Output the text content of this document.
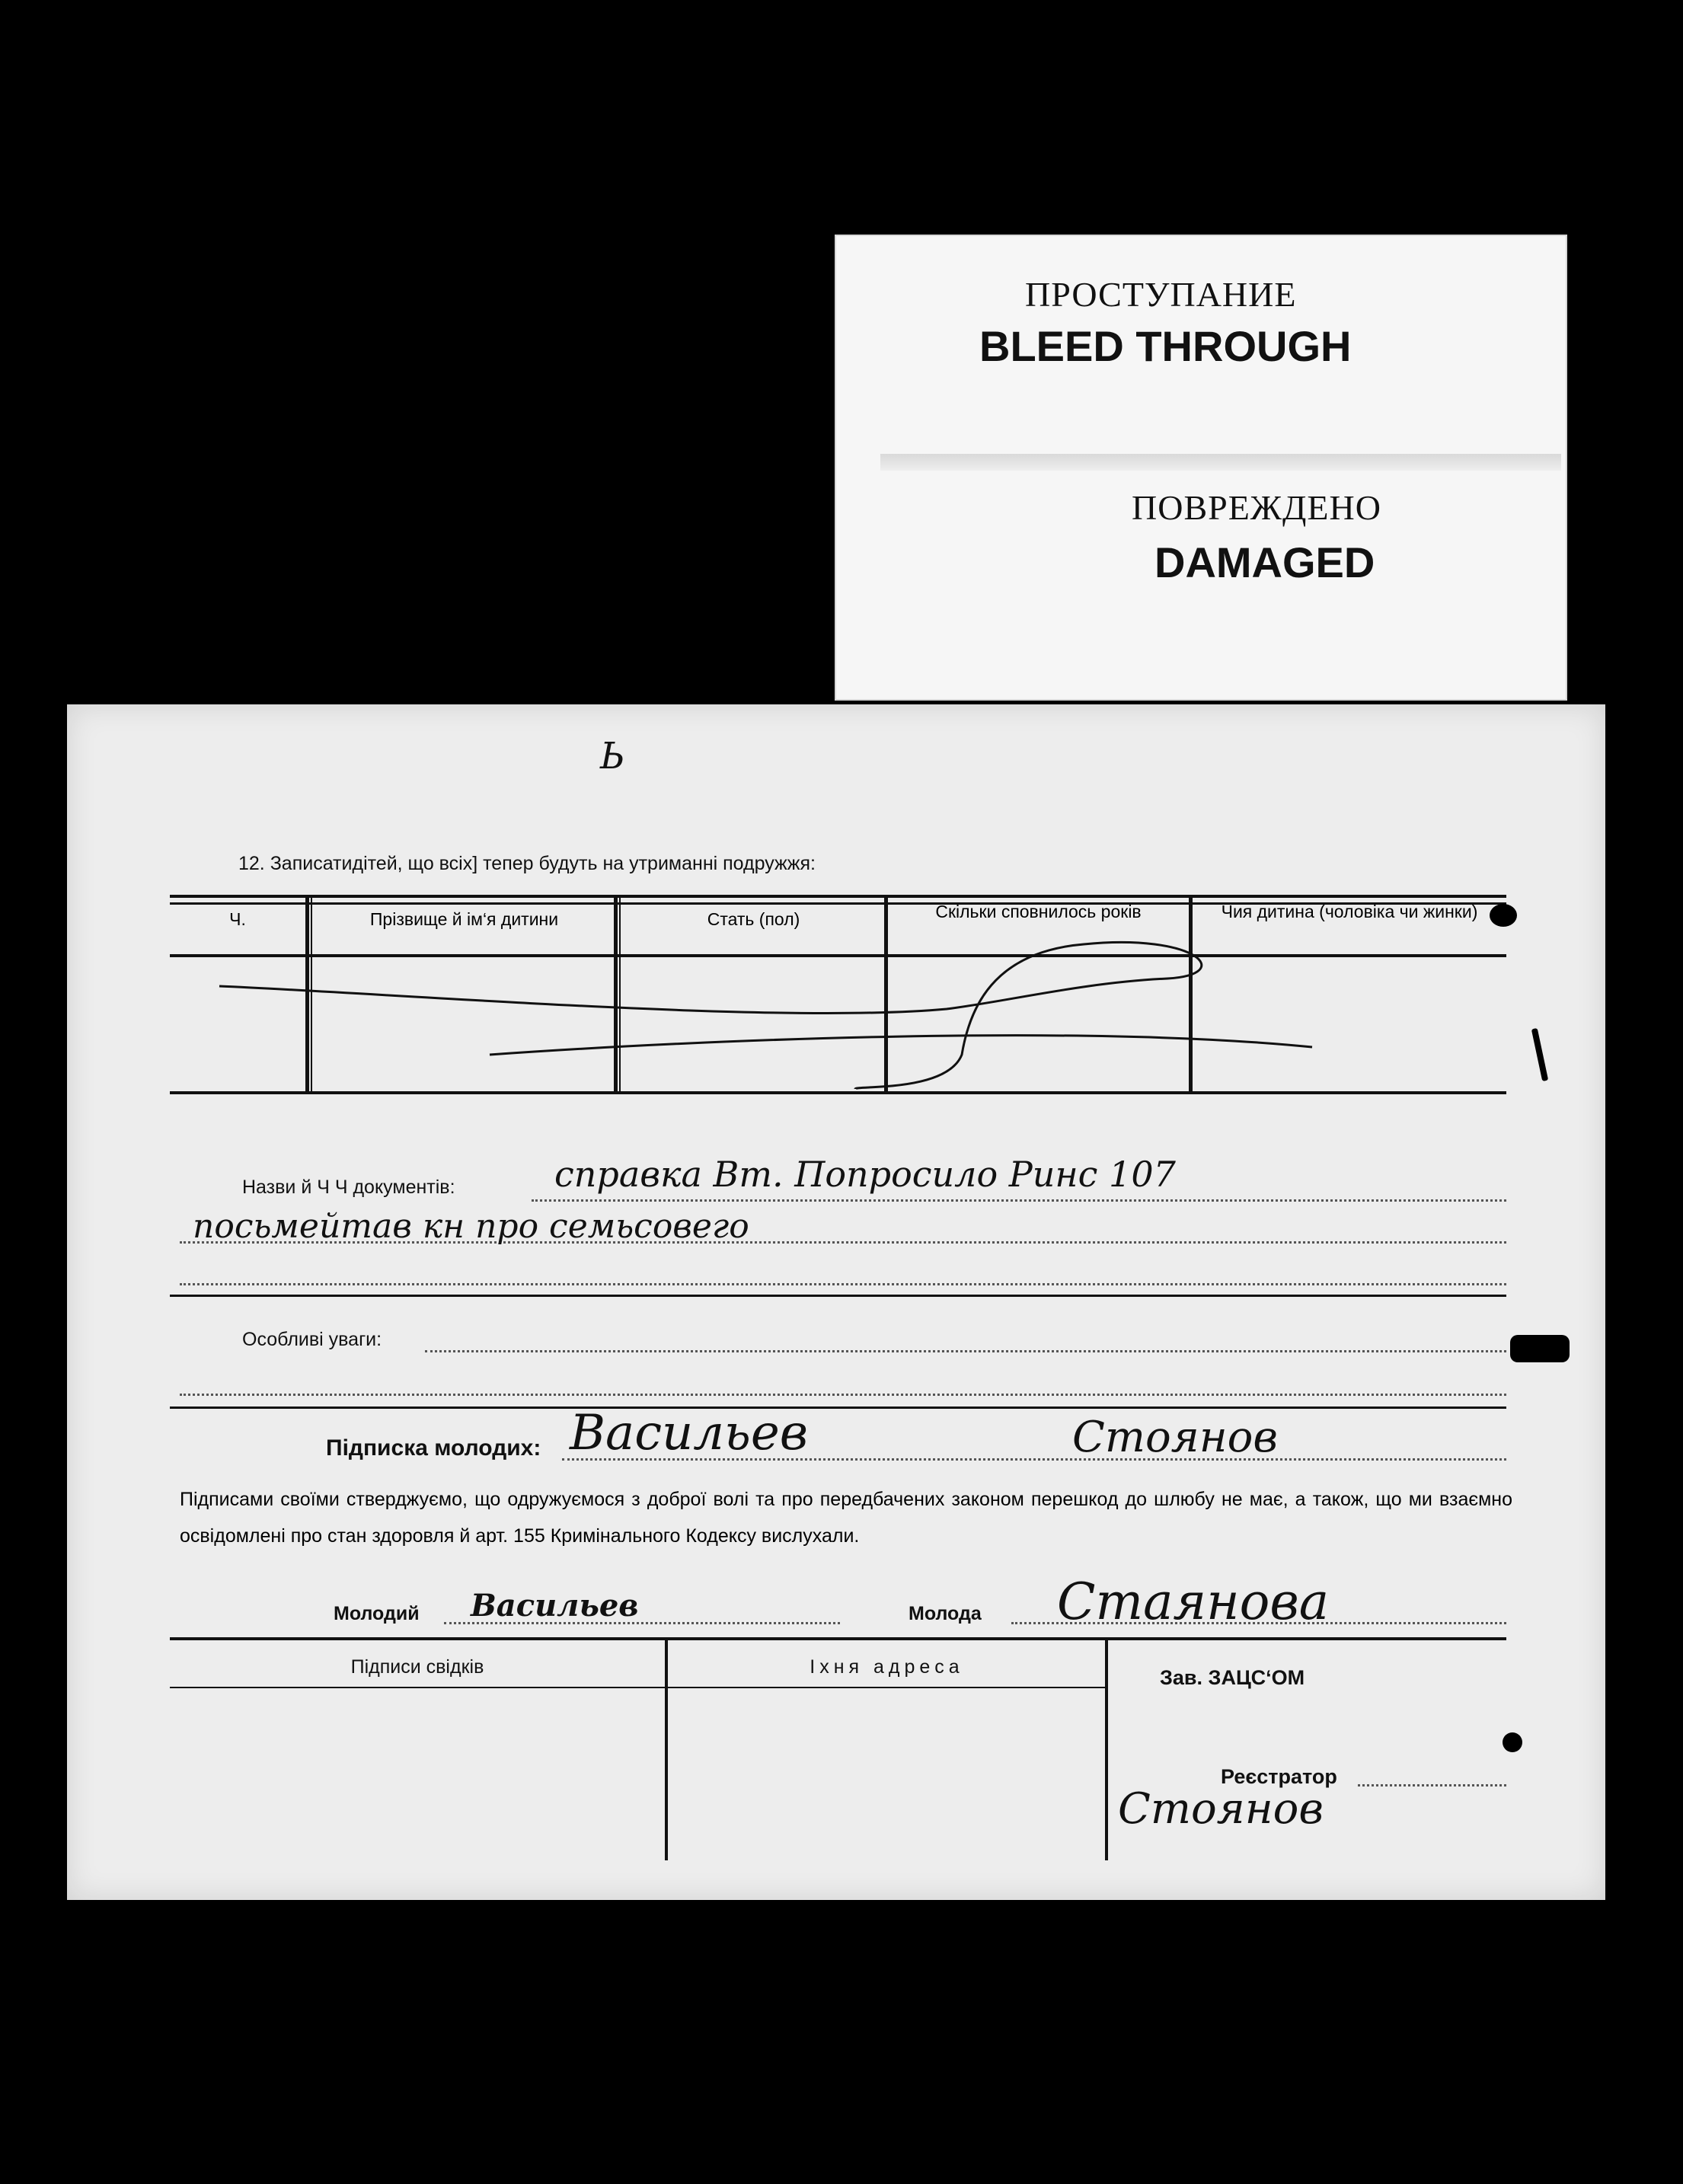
ПРОСТУПАНИЕ
BLEED THROUGH
ПОВРЕЖДЕНО
DAMAGED
Ь
12. Записатидітей, що всіх] тепер будуть на утриманні подружжя:
Ч.	Прізвище й ім‘я дитини	Стать (пол)	Скільки сповнилось років	Чия дитина (чоловіка чи жинки)
Назви й Ч Ч документів:	справка Вт. Попросило Ринс 107
посьмейтав кн про семьсовего
Особливі уваги:
Підписка молодих: Васильев	Стоянов
Підписами своїми стверджуємо, що одружуємося з доброї волі та про передбачених законом перешкод до шлюбу не має, а також, що ми взаємно освідомлені про стан здоровля й арт. 155 Кримінального Кодексу вислухали.
Молодий Васильев	Молода Стаянова
Підписи свідків	Іхня адреса	Зав. ЗАЦС‘ОМ
Реєстратор
Стоянов
